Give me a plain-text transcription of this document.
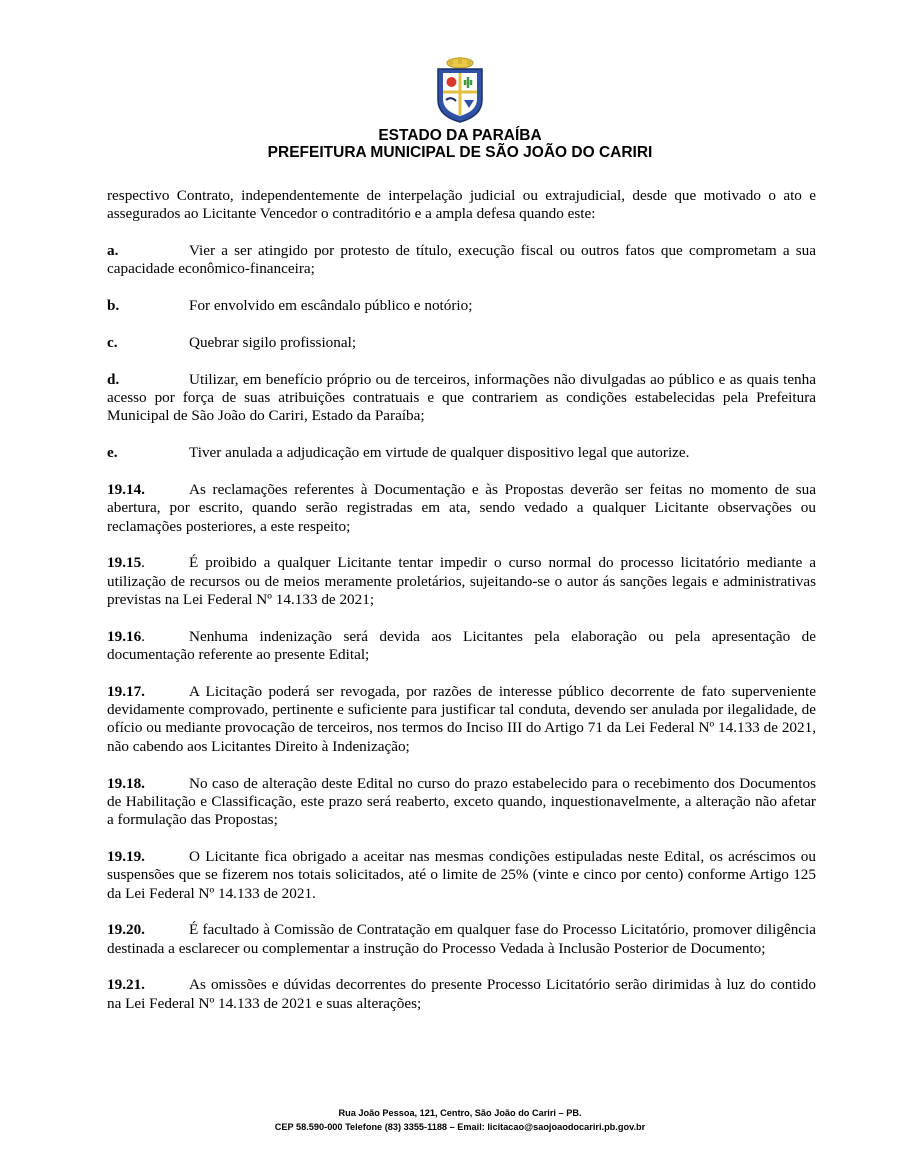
ESTADO DA PARAÍBA
PREFEITURA MUNICIPAL DE SÃO JOÃO DO CARIRI

respectivo Contrato, independentemente de interpelação judicial ou extrajudicial, desde que motivado o ato e assegurados ao Licitante Vencedor o contraditório e a ampla defesa quando este:

a.	Vier a ser atingido por protesto de título, execução fiscal ou outros fatos que comprometam a sua capacidade econômico-financeira;

b.	For envolvido em escândalo público e notório;

c.	Quebrar sigilo profissional;

d.	Utilizar, em benefício próprio ou de terceiros, informações não divulgadas ao público e as quais tenha acesso por força de suas atribuições contratuais e que contrariem as condições estabelecidas pela Prefeitura Municipal de São João do Cariri, Estado da Paraíba;

e.	Tiver anulada a adjudicação em virtude de qualquer dispositivo legal que autorize.

19.14.	As reclamações referentes à Documentação e às Propostas deverão ser feitas no momento de sua abertura, por escrito, quando serão registradas em ata, sendo vedado a qualquer Licitante observações ou reclamações posteriores, a este respeito;

19.15.	É proibido a qualquer Licitante tentar impedir o curso normal do processo licitatório mediante a utilização de recursos ou de meios meramente proletários, sujeitando-se o autor ás sanções legais e administrativas previstas na Lei Federal Nº 14.133 de 2021;

19.16.	Nenhuma indenização será devida aos Licitantes pela elaboração ou pela apresentação de documentação referente ao presente Edital;

19.17.	A Licitação poderá ser revogada, por razões de interesse público decorrente de fato superveniente devidamente comprovado, pertinente e suficiente para justificar tal conduta, devendo ser anulada por ilegalidade, de ofício ou mediante provocação de terceiros, nos termos do Inciso III do Artigo 71 da Lei Federal Nº 14.133 de 2021, não cabendo aos Licitantes Direito à Indenização;

19.18.	No caso de alteração deste Edital no curso do prazo estabelecido para o recebimento dos Documentos de Habilitação e Classificação, este prazo será reaberto, exceto quando, inquestionavelmente, a alteração não afetar a formulação das Propostas;

19.19.	O Licitante fica obrigado a aceitar nas mesmas condições estipuladas neste Edital, os acréscimos ou suspensões que se fizerem nos totais solicitados, até o limite de 25% (vinte e cinco por cento) conforme Artigo 125 da Lei Federal Nº 14.133 de 2021.

19.20.	É facultado à Comissão de Contratação em qualquer fase do Processo Licitatório, promover diligência destinada a esclarecer ou complementar a instrução do Processo Vedada à Inclusão Posterior de Documento;

19.21.	As omissões e dúvidas decorrentes do presente Processo Licitatório serão dirimidas à luz do contido na Lei Federal Nº 14.133 de 2021 e suas alterações;

Rua João Pessoa, 121, Centro, São João do Cariri – PB.
CEP 58.590-000 Telefone (83) 3355-1188 – Email: licitacao@saojoaodocariri.pb.gov.br
